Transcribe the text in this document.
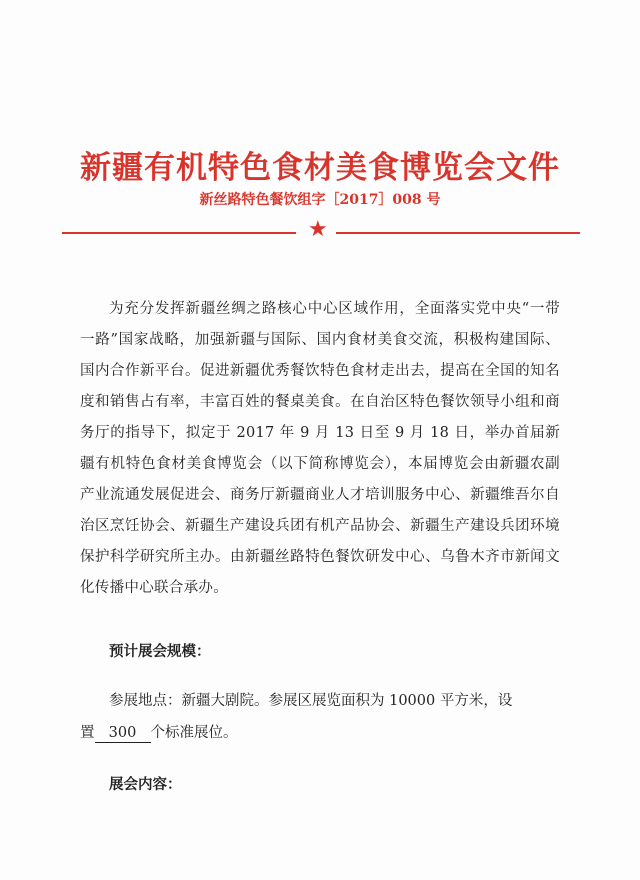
新疆有机特色食材美食博览会文件
新丝路特色餐饮组字［2017］008 号
★

为充分发挥新疆丝绸之路核心中心区域作用，全面落实党中央“一带一路”国家战略，加强新疆与国际、国内食材美食交流，积极构建国际、国内合作新平台。促进新疆优秀餐饮特色食材走出去，提高在全国的知名度和销售占有率，丰富百姓的餐桌美食。在自治区特色餐饮领导小组和商务厅的指导下，拟定于 2017 年 9 月 13 日至 9 月 18 日，举办首届新疆有机特色食材美食博览会（以下简称博览会），本届博览会由新疆农副产业流通发展促进会、商务厅新疆商业人才培训服务中心、新疆维吾尔自治区烹饪协会、新疆生产建设兵团有机产品协会、新疆生产建设兵团环境保护科学研究所主办。由新疆丝路特色餐饮研发中心、乌鲁木齐市新闻文化传播中心联合承办。

预计展会规模：
参展地点：新疆大剧院。参展区展览面积为 10000 平方米，设
置 300 个标准展位。
展会内容：
